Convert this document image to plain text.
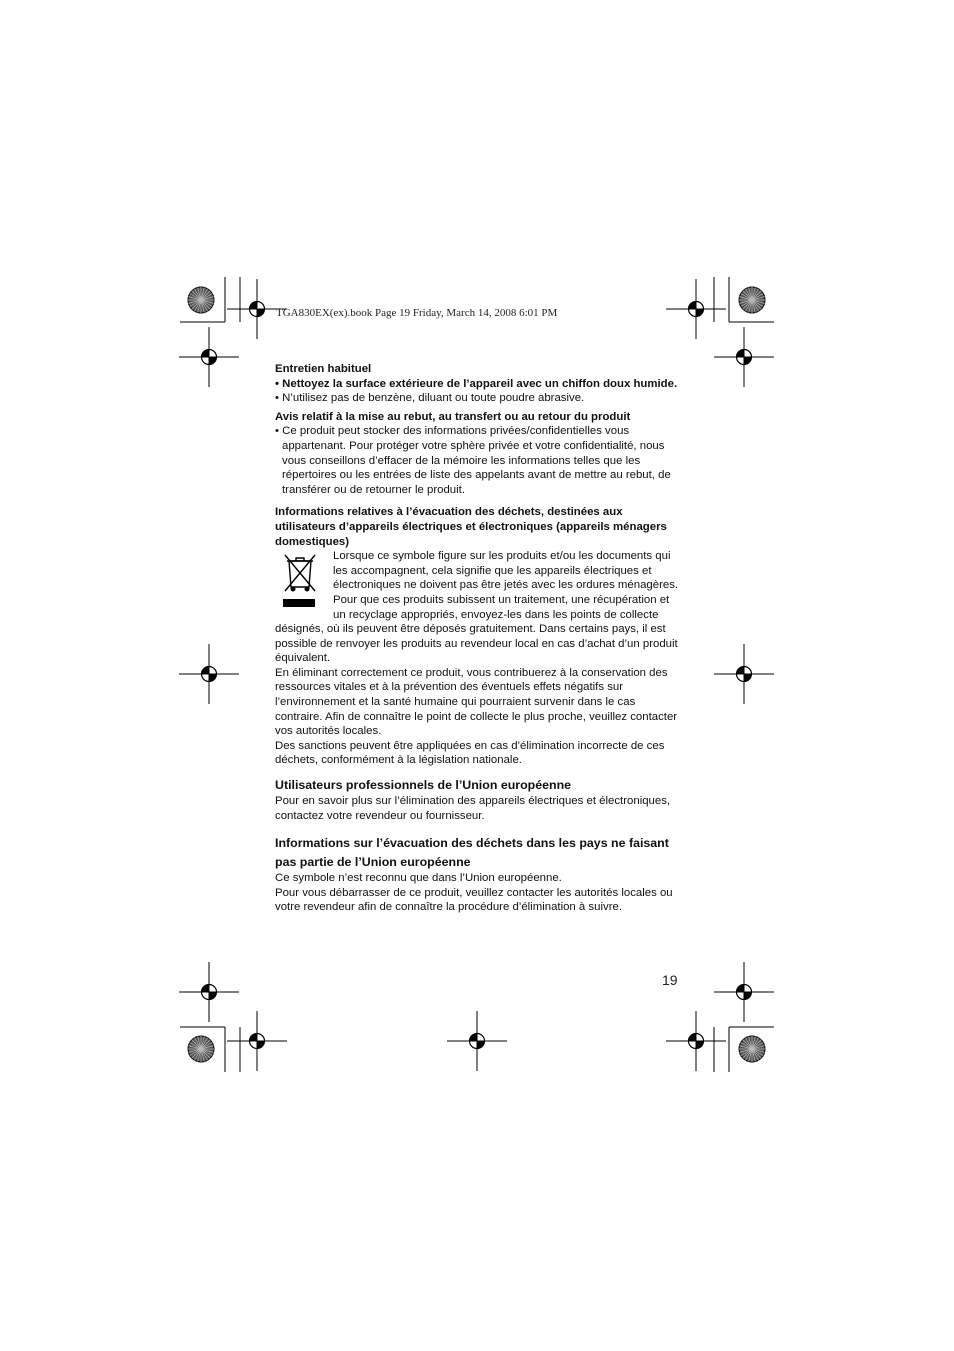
TGA830EX(ex).book Page 19 Friday, March 14, 2008 6:01 PM

Entretien habituel

• Nettoyez la surface extérieure de l’appareil avec un chiffon doux humide.

• N’utilisez pas de benzène, diluant ou toute poudre abrasive.

Avis relatif à la mise au rebut, au transfert ou au retour du produit

• Ce produit peut stocker des informations privées/confidentielles vous appartenant. Pour protéger votre sphère privée et votre confidentialité, nous vous conseillons d’effacer de la mémoire les informations telles que les répertoires ou les entrées de liste des appelants avant de mettre au rebut, de transférer ou de retourner le produit.

Informations relatives à l’évacuation des déchets, destinées aux utilisateurs d’appareils électriques et électroniques (appareils ménagers domestiques)

Lorsque ce symbole figure sur les produits et/ou les documents qui les accompagnent, cela signifie que les appareils électriques et électroniques ne doivent pas être jetés avec les ordures ménagères. Pour que ces produits subissent un traitement, une récupération et un recyclage appropriés, envoyez-les dans les points de collecte désignés, où ils peuvent être déposés gratuitement. Dans certains pays, il est possible de renvoyer les produits au revendeur local en cas d’achat d’un produit équivalent.

En éliminant correctement ce produit, vous contribuerez à la conservation des ressources vitales et à la prévention des éventuels effets négatifs sur l’environnement et la santé humaine qui pourraient survenir dans le cas contraire. Afin de connaître le point de collecte le plus proche, veuillez contacter vos autorités locales.

Des sanctions peuvent être appliquées en cas d’élimination incorrecte de ces déchets, conformément à la législation nationale.

Utilisateurs professionnels de l’Union européenne

Pour en savoir plus sur l’élimination des appareils électriques et électroniques, contactez votre revendeur ou fournisseur.

Informations sur l’évacuation des déchets dans les pays ne faisant pas partie de l’Union européenne

Ce symbole n’est reconnu que dans l’Union européenne.

Pour vous débarrasser de ce produit, veuillez contacter les autorités locales ou votre revendeur afin de connaître la procédure d’élimination à suivre.

19
